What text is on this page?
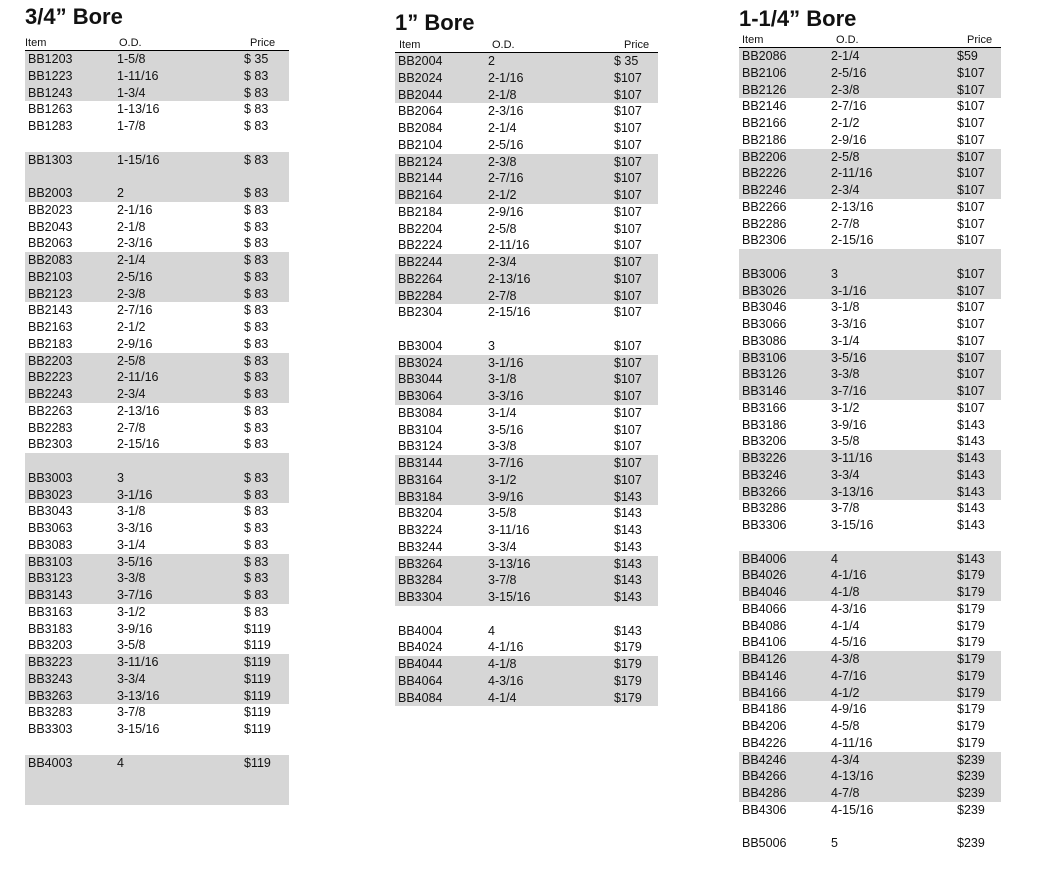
3/4” Bore
Item	O.D.	Price
BB1203	1-5/8	$ 35
BB1223	1-11/16	$ 83
BB1243	1-3/4	$ 83
BB1263	1-13/16	$ 83
BB1283	1-7/8	$ 83
BB1303	1-15/16	$ 83
BB2003	2	$ 83
BB2023	2-1/16	$ 83
BB2043	2-1/8	$ 83
BB2063	2-3/16	$ 83
BB2083	2-1/4	$ 83
BB2103	2-5/16	$ 83
BB2123	2-3/8	$ 83
BB2143	2-7/16	$ 83
BB2163	2-1/2	$ 83
BB2183	2-9/16	$ 83
BB2203	2-5/8	$ 83
BB2223	2-11/16	$ 83
BB2243	2-3/4	$ 83
BB2263	2-13/16	$ 83
BB2283	2-7/8	$ 83
BB2303	2-15/16	$ 83
BB3003	3	$ 83
BB3023	3-1/16	$ 83
BB3043	3-1/8	$ 83
BB3063	3-3/16	$ 83
BB3083	3-1/4	$ 83
BB3103	3-5/16	$ 83
BB3123	3-3/8	$ 83
BB3143	3-7/16	$ 83
BB3163	3-1/2	$ 83
BB3183	3-9/16	$119
BB3203	3-5/8	$119
BB3223	3-11/16	$119
BB3243	3-3/4	$119
BB3263	3-13/16	$119
BB3283	3-7/8	$119
BB3303	3-15/16	$119
BB4003	4	$119
1” Bore
Item	O.D.	Price
BB2004	2	$ 35
BB2024	2-1/16	$107
BB2044	2-1/8	$107
BB2064	2-3/16	$107
BB2084	2-1/4	$107
BB2104	2-5/16	$107
BB2124	2-3/8	$107
BB2144	2-7/16	$107
BB2164	2-1/2	$107
BB2184	2-9/16	$107
BB2204	2-5/8	$107
BB2224	2-11/16	$107
BB2244	2-3/4	$107
BB2264	2-13/16	$107
BB2284	2-7/8	$107
BB2304	2-15/16	$107
BB3004	3	$107
BB3024	3-1/16	$107
BB3044	3-1/8	$107
BB3064	3-3/16	$107
BB3084	3-1/4	$107
BB3104	3-5/16	$107
BB3124	3-3/8	$107
BB3144	3-7/16	$107
BB3164	3-1/2	$107
BB3184	3-9/16	$143
BB3204	3-5/8	$143
BB3224	3-11/16	$143
BB3244	3-3/4	$143
BB3264	3-13/16	$143
BB3284	3-7/8	$143
BB3304	3-15/16	$143
BB4004	4	$143
BB4024	4-1/16	$179
BB4044	4-1/8	$179
BB4064	4-3/16	$179
BB4084	4-1/4	$179
1-1/4” Bore
Item	O.D.	Price
BB2086	2-1/4	$59
BB2106	2-5/16	$107
BB2126	2-3/8	$107
BB2146	2-7/16	$107
BB2166	2-1/2	$107
BB2186	2-9/16	$107
BB2206	2-5/8	$107
BB2226	2-11/16	$107
BB2246	2-3/4	$107
BB2266	2-13/16	$107
BB2286	2-7/8	$107
BB2306	2-15/16	$107
BB3006	3	$107
BB3026	3-1/16	$107
BB3046	3-1/8	$107
BB3066	3-3/16	$107
BB3086	3-1/4	$107
BB3106	3-5/16	$107
BB3126	3-3/8	$107
BB3146	3-7/16	$107
BB3166	3-1/2	$107
BB3186	3-9/16	$143
BB3206	3-5/8	$143
BB3226	3-11/16	$143
BB3246	3-3/4	$143
BB3266	3-13/16	$143
BB3286	3-7/8	$143
BB3306	3-15/16	$143
BB4006	4	$143
BB4026	4-1/16	$179
BB4046	4-1/8	$179
BB4066	4-3/16	$179
BB4086	4-1/4	$179
BB4106	4-5/16	$179
BB4126	4-3/8	$179
BB4146	4-7/16	$179
BB4166	4-1/2	$179
BB4186	4-9/16	$179
BB4206	4-5/8	$179
BB4226	4-11/16	$179
BB4246	4-3/4	$239
BB4266	4-13/16	$239
BB4286	4-7/8	$239
BB4306	4-15/16	$239
BB5006	5	$239
